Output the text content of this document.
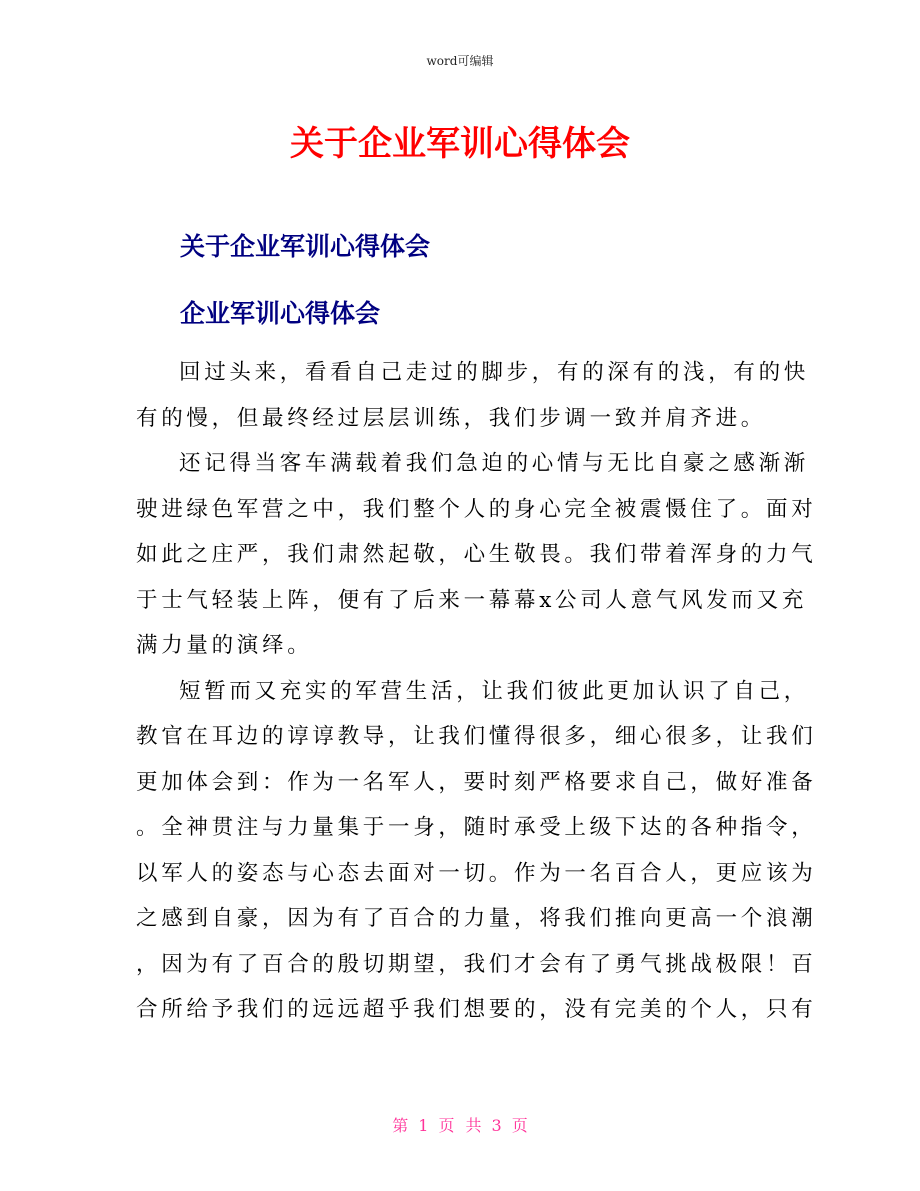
word可编辑
关于企业军训心得体会
关于企业军训心得体会
企业军训心得体会
回过头来，看看自己走过的脚步，有的深有的浅，有的快
有的慢，但最终经过层层训练，我们步调一致并肩齐进。
还记得当客车满载着我们急迫的心情与无比自豪之感渐渐
驶进绿色军营之中，我们整个人的身心完全被震慑住了。面对
如此之庄严，我们肃然起敬，心生敬畏。我们带着浑身的力气
于士气轻装上阵，便有了后来一幕幕x公司人意气风发而又充
满力量的演绎。
短暂而又充实的军营生活，让我们彼此更加认识了自己，
教官在耳边的谆谆教导，让我们懂得很多，细心很多，让我们
更加体会到：作为一名军人，要时刻严格要求自己，做好准备
。全神贯注与力量集于一身，随时承受上级下达的各种指令，
以军人的姿态与心态去面对一切。作为一名百合人，更应该为
之感到自豪，因为有了百合的力量，将我们推向更高一个浪潮
，因为有了百合的殷切期望，我们才会有了勇气挑战极限！百
合所给予我们的远远超乎我们想要的，没有完美的个人，只有
第 1 页 共 3 页
